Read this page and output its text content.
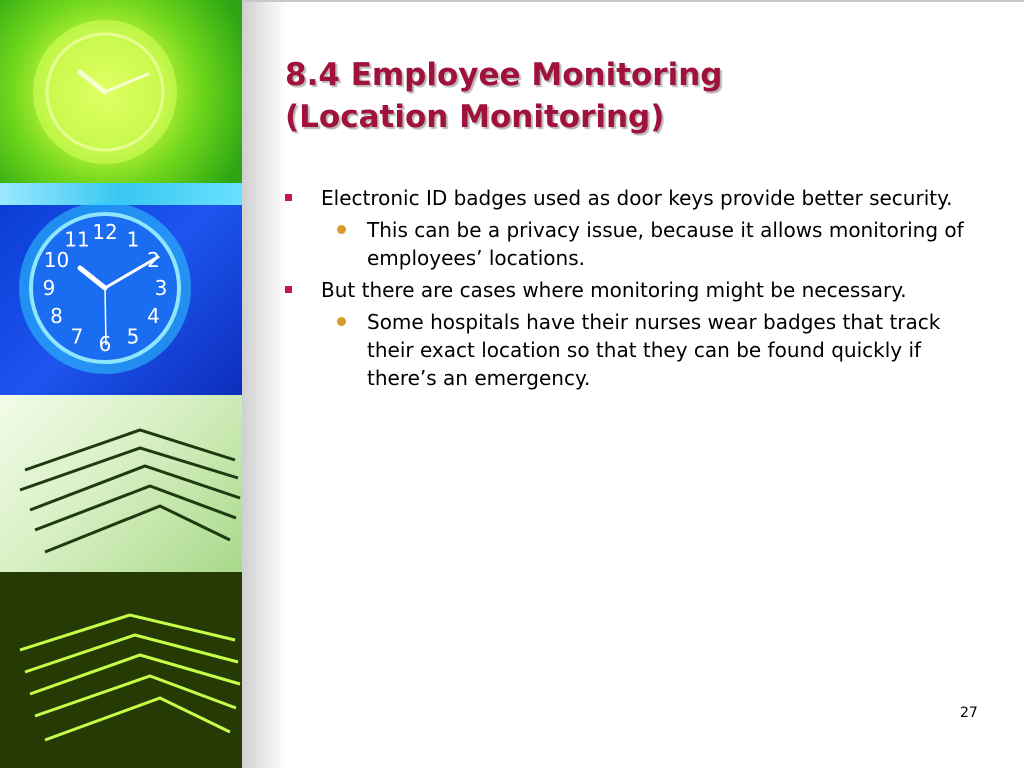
12 1
2
3
4
5
6
7
8
9
10
11
8.4 Employee Monitoring
(Location Monitoring)
Electronic ID badges used as door keys provide better security.
This can be a privacy issue, because it allows monitoring of employees’ locations.
But there are cases where monitoring might be necessary.
Some hospitals have their nurses wear badges that track their exact location so that they can be found quickly if there’s an emergency.
27
